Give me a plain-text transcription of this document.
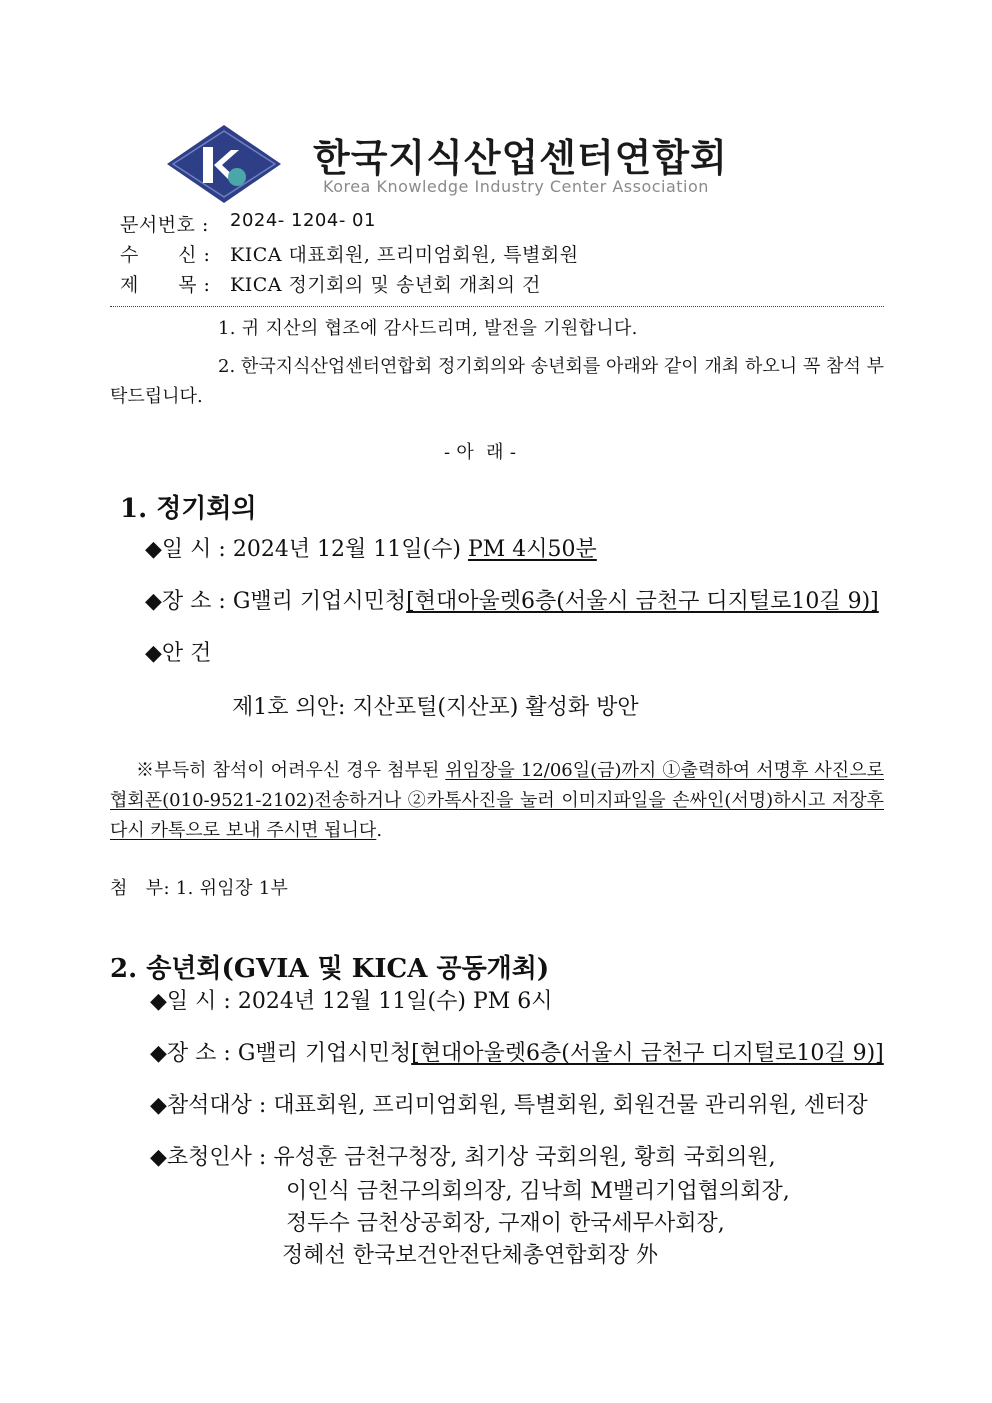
한국지식산업센터연합회
Korea Knowledge Industry Center Association
문서번호 : 2024- 1204- 01
수      신 : KICA 대표회원, 프리미엄회원, 특별회원
제      목 : KICA 정기회의 및 송년회 개최의 건
1. 귀 지산의 협조에 감사드리며, 발전을 기원합니다.
2. 한국지식산업센터연합회 정기회의와 송년회를 아래와 같이 개최 하오니 꼭 참석 부탁드립니다.
- 아  래 -
1. 정기회의
◆일 시 : 2024년 12월 11일(수) PM 4시50분
◆장 소 : G밸리 기업시민청[현대아울렛6층(서울시 금천구 디지털로10길 9)]
◆안 건
제1호 의안: 지산포털(지산포) 활성화 방안
※부득히 참석이 어려우신 경우 첨부된 위임장을 12/06일(금)까지 ①출력하여 서명후 사진으로 협회폰(010-9521-2102)전송하거나 ②카톡사진을 눌러 이미지파일을 손싸인(서명)하시고 저장후 다시 카톡으로 보내 주시면 됩니다.
첨   부: 1. 위임장 1부
2. 송년회(GVIA 및 KICA 공동개최)
◆일 시 : 2024년 12월 11일(수) PM 6시
◆장 소 : G밸리 기업시민청[현대아울렛6층(서울시 금천구 디지털로10길 9)]
◆참석대상 : 대표회원, 프리미엄회원, 특별회원, 회원건물 관리위원, 센터장
◆초청인사 : 유성훈 금천구청장, 최기상 국회의원, 황희 국회의원,
이인식 금천구의회의장, 김낙희 M밸리기업협의회장,
정두수 금천상공회장, 구재이 한국세무사회장,
정혜선 한국보건안전단체총연합회장 外
